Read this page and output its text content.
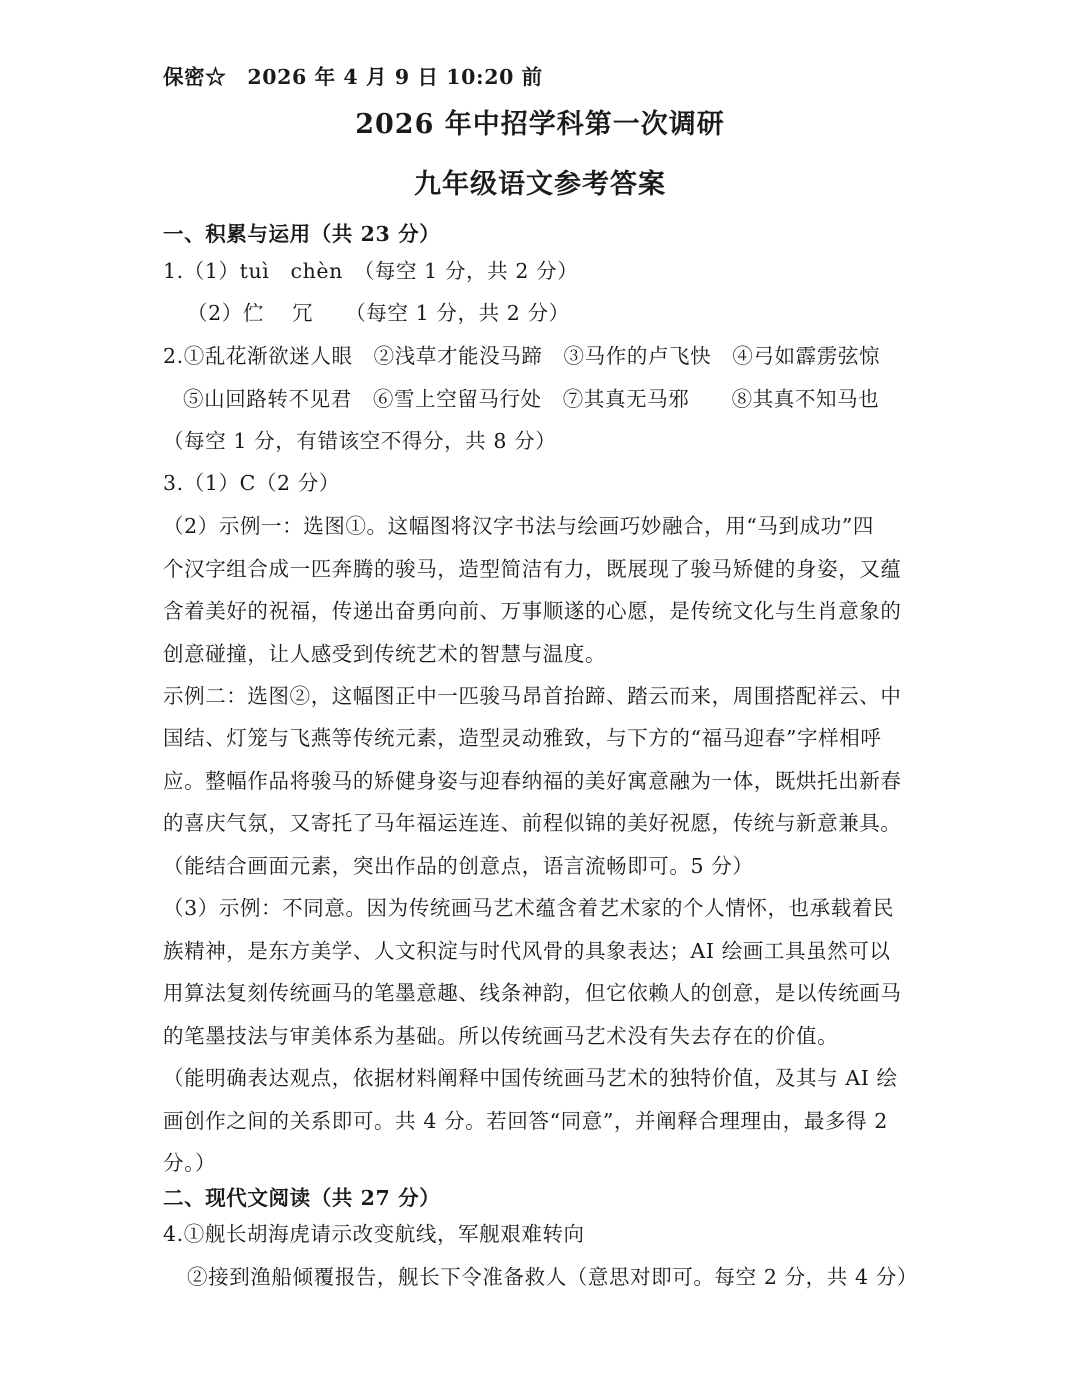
保密☆　2026 年 4 月 9 日 10:20 前
2026 年中招学科第一次调研
九年级语文参考答案
一、积累与运用（共 23 分）
1.（1）tuì　chèn　（每空 1 分，共 2 分）
（2）伫　 冗　　（每空 1 分，共 2 分）
2.①乱花渐欲迷人眼　②浅草才能没马蹄　③马作的卢飞快　④弓如霹雳弦惊
⑤山回路转不见君　⑥雪上空留马行处　⑦其真无马邪　　⑧其真不知马也
（每空 1 分，有错该空不得分，共 8 分）
3.（1）C（2 分）
（2）示例一：选图①。这幅图将汉字书法与绘画巧妙融合，用“马到成功”四
个汉字组合成一匹奔腾的骏马，造型简洁有力，既展现了骏马矫健的身姿，又蕴
含着美好的祝福，传递出奋勇向前、万事顺遂的心愿，是传统文化与生肖意象的
创意碰撞，让人感受到传统艺术的智慧与温度。
示例二：选图②，这幅图正中一匹骏马昂首抬蹄、踏云而来，周围搭配祥云、中
国结、灯笼与飞燕等传统元素，造型灵动雅致，与下方的“福马迎春”字样相呼
应。整幅作品将骏马的矫健身姿与迎春纳福的美好寓意融为一体，既烘托出新春
的喜庆气氛，又寄托了马年福运连连、前程似锦的美好祝愿，传统与新意兼具。
（能结合画面元素，突出作品的创意点，语言流畅即可。5 分）
（3）示例：不同意。因为传统画马艺术蕴含着艺术家的个人情怀，也承载着民
族精神，是东方美学、人文积淀与时代风骨的具象表达；AI 绘画工具虽然可以
用算法复刻传统画马的笔墨意趣、线条神韵，但它依赖人的创意，是以传统画马
的笔墨技法与审美体系为基础。所以传统画马艺术没有失去存在的价值。
（能明确表达观点，依据材料阐释中国传统画马艺术的独特价值，及其与 AI 绘
画创作之间的关系即可。共 4 分。若回答“同意”，并阐释合理理由，最多得 2
分。）
二、现代文阅读（共 27 分）
4.①舰长胡海虎请示改变航线，军舰艰难转向
②接到渔船倾覆报告，舰长下令准备救人（意思对即可。每空 2 分，共 4 分）
